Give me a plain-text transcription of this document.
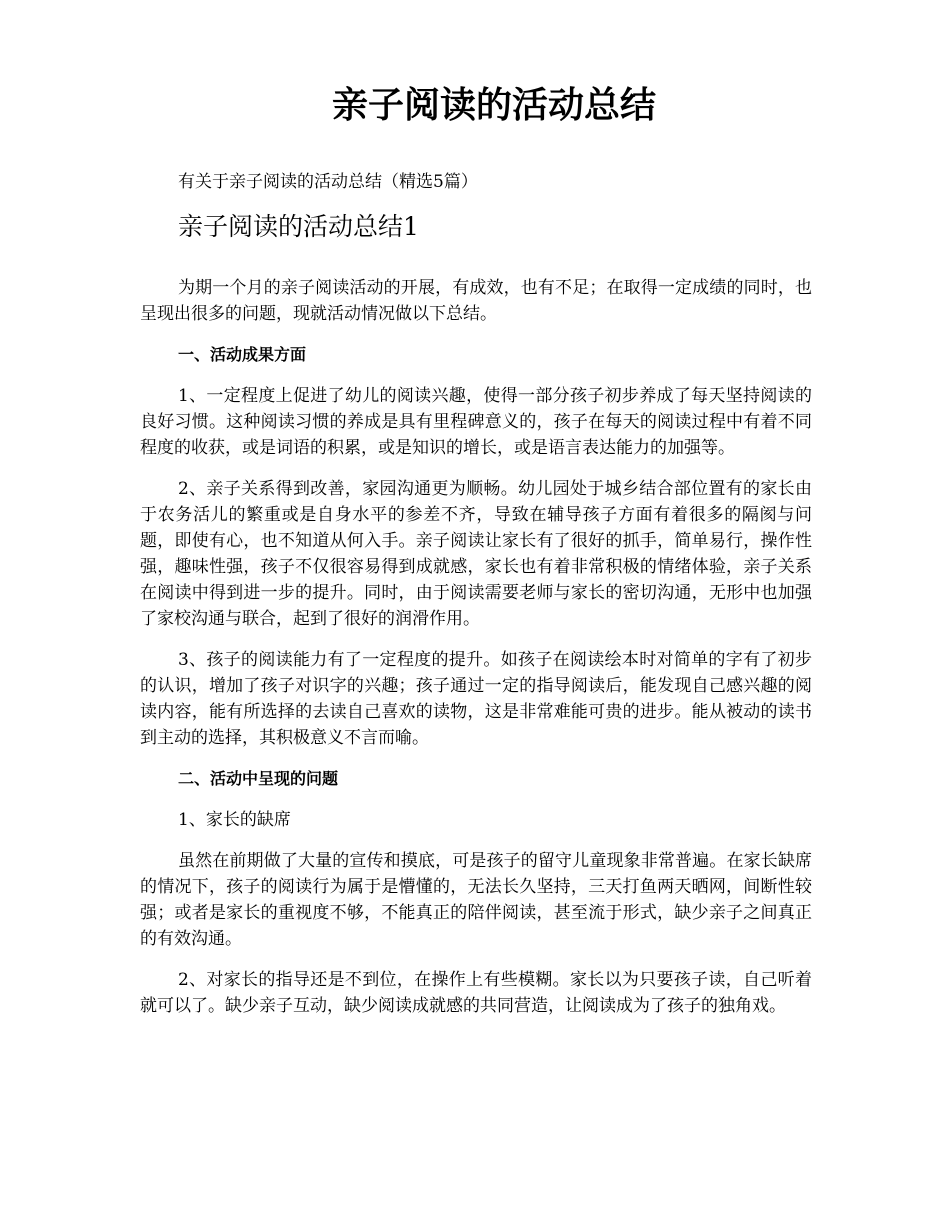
亲子阅读的活动总结
有关于亲子阅读的活动总结（精选5篇）
亲子阅读的活动总结1

为期一个月的亲子阅读活动的开展，有成效，也有不足；在取得一定成绩的同时，也呈现出很多的问题，现就活动情况做以下总结。

一、活动成果方面

1、一定程度上促进了幼儿的阅读兴趣，使得一部分孩子初步养成了每天坚持阅读的良好习惯。这种阅读习惯的养成是具有里程碑意义的，孩子在每天的阅读过程中有着不同程度的收获，或是词语的积累，或是知识的增长，或是语言表达能力的加强等。

2、亲子关系得到改善，家园沟通更为顺畅。幼儿园处于城乡结合部位置有的家长由于农务活儿的繁重或是自身水平的参差不齐，导致在辅导孩子方面有着很多的隔阂与问题，即使有心，也不知道从何入手。亲子阅读让家长有了很好的抓手，简单易行，操作性强，趣味性强，孩子不仅很容易得到成就感，家长也有着非常积极的情绪体验，亲子关系在阅读中得到进一步的提升。同时，由于阅读需要老师与家长的密切沟通，无形中也加强了家校沟通与联合，起到了很好的润滑作用。

3、孩子的阅读能力有了一定程度的提升。如孩子在阅读绘本时对简单的字有了初步的认识，增加了孩子对识字的兴趣；孩子通过一定的指导阅读后，能发现自己感兴趣的阅读内容，能有所选择的去读自己喜欢的读物，这是非常难能可贵的进步。能从被动的读书到主动的选择，其积极意义不言而喻。

二、活动中呈现的问题

1、家长的缺席

虽然在前期做了大量的宣传和摸底，可是孩子的留守儿童现象非常普遍。在家长缺席的情况下，孩子的阅读行为属于是懵懂的，无法长久坚持，三天打鱼两天晒网，间断性较强；或者是家长的重视度不够，不能真正的陪伴阅读，甚至流于形式，缺少亲子之间真正的有效沟通。

2、对家长的指导还是不到位，在操作上有些模糊。家长以为只要孩子读，自己听着就可以了。缺少亲子互动，缺少阅读成就感的共同营造，让阅读成为了孩子的独角戏。
